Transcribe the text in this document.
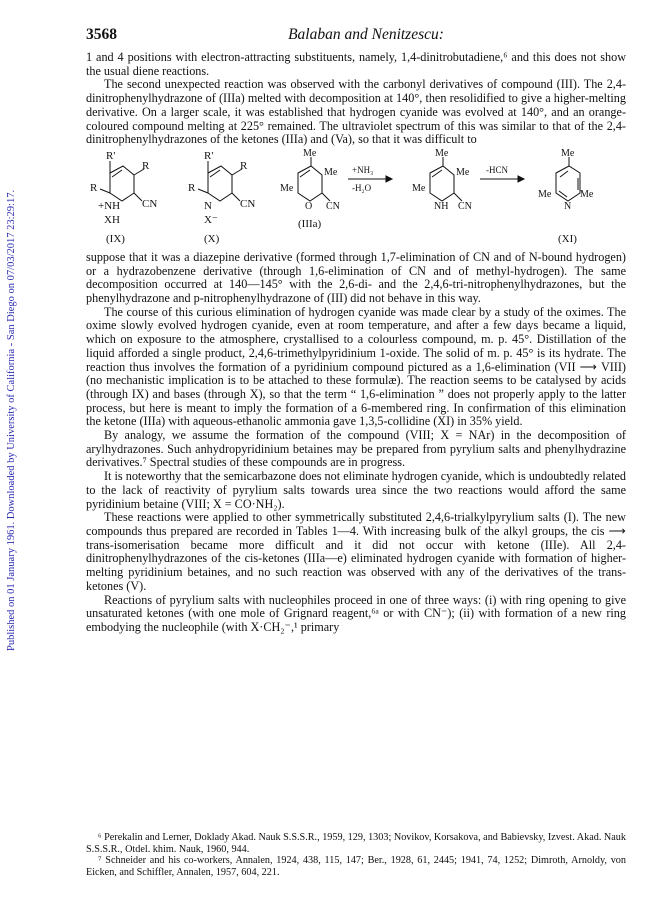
Published on 01 January 1961. Downloaded by University of California - San Diego on 07/03/2017 23:29:17.
3568	Balaban and Nenitzescu:

1 and 4 positions with electron-attracting substituents, namely, 1,4-dinitrobutadiene,⁶ and this does not show the usual diene reactions.

The second unexpected reaction was observed with the carbonyl derivatives of compound (III). The 2,4-dinitrophenylhydrazone of (IIIa) melted with decomposition at 140°, then resolidified to give a higher-melting derivative. On a larger scale, it was established that hydrogen cyanide was evolved at 140°, and an orange-coloured compound melting at 225° remained. The ultraviolet spectrum of this was similar to that of the 2,4-dinitrophenylhydrazones of the ketones (IIIa) and (Va), so that it was difficult to

R'
R
R
CN
+NH
XH
(IX)
R'
R
R
CN
N
X⁻
(X)
Me
Me
Me
O CN
(IIIa)
+NH₃
-H₂O
Me
Me
Me
NH CN
-HCN
Me
Me	Me
N
(XI)

suppose that it was a diazepine derivative (formed through 1,7-elimination of CN and of N-bound hydrogen) or a hydrazobenzene derivative (through 1,6-elimination of CN and of methyl-hydrogen). The same decomposition occurred at 140—145° with the 2,6-di- and the 2,4,6-tri-nitrophenylhydrazones, but the phenylhydrazone and p-nitrophenylhydrazone of (III) did not behave in this way.

The course of this curious elimination of hydrogen cyanide was made clear by a study of the oximes. The oxime slowly evolved hydrogen cyanide, even at room temperature, and after a few days became a liquid, which on exposure to the atmosphere, crystallised to a colourless compound, m. p. 45°. Distillation of the liquid afforded a single product, 2,4,6-trimethylpyridinium 1-oxide. The solid of m. p. 45° is its hydrate. The reaction thus involves the formation of a pyridinium compound pictured as a 1,6-elimination (VII ⟶ VIII) (no mechanistic implication is to be attached to these formulæ). The reaction seems to be catalysed by acids (through IX) and bases (through X), so that the term “ 1,6-elimination ” does not properly apply to the latter process, but here is meant to imply the formation of a 6-membered ring. In confirmation of this elimination the ketone (IIIa) with aqueous-ethanolic ammonia gave 1,3,5-collidine (XI) in 35% yield.

By analogy, we assume the formation of the compound (VIII; X = NAr) in the decomposition of arylhydrazones. Such anhydropyridinium betaines may be prepared from pyrylium salts and phenylhydrazine derivatives.⁷ Spectral studies of these compounds are in progress.

It is noteworthy that the semicarbazone does not eliminate hydrogen cyanide, which is undoubtedly related to the lack of reactivity of pyrylium salts towards urea since the two reactions would afford the same pyridinium betaine (VIII; X = CO·NH₂).

These reactions were applied to other symmetrically substituted 2,4,6-trialkylpyrylium salts (I). The new compounds thus prepared are recorded in Tables 1—4. With increasing bulk of the alkyl groups, the cis ⟶ trans-isomerisation became more difficult and it did not occur with ketone (IIIe). All 2,4-dinitrophenylhydrazones of the cis-ketones (IIIa—e) eliminated hydrogen cyanide with formation of higher-melting pyridinium betaines, and no such reaction was observed with any of the derivatives of the trans-ketones (V).

Reactions of pyrylium salts with nucleophiles proceed in one of three ways: (i) with ring opening to give unsaturated ketones (with one mole of Grignard reagent,⁶ᵃ or with CN⁻); (ii) with formation of a new ring embodying the nucleophile (with X·CH₂⁻,¹ primary

⁶ Perekalin and Lerner, Doklady Akad. Nauk S.S.S.R., 1959, 129, 1303; Novikov, Korsakova, and Babievsky, Izvest. Akad. Nauk S.S.S.R., Otdel. khim. Nauk, 1960, 944.

⁷ Schneider and his co-workers, Annalen, 1924, 438, 115, 147; Ber., 1928, 61, 2445; 1941, 74, 1252; Dimroth, Arnoldy, von Eicken, and Schiffler, Annalen, 1957, 604, 221.
